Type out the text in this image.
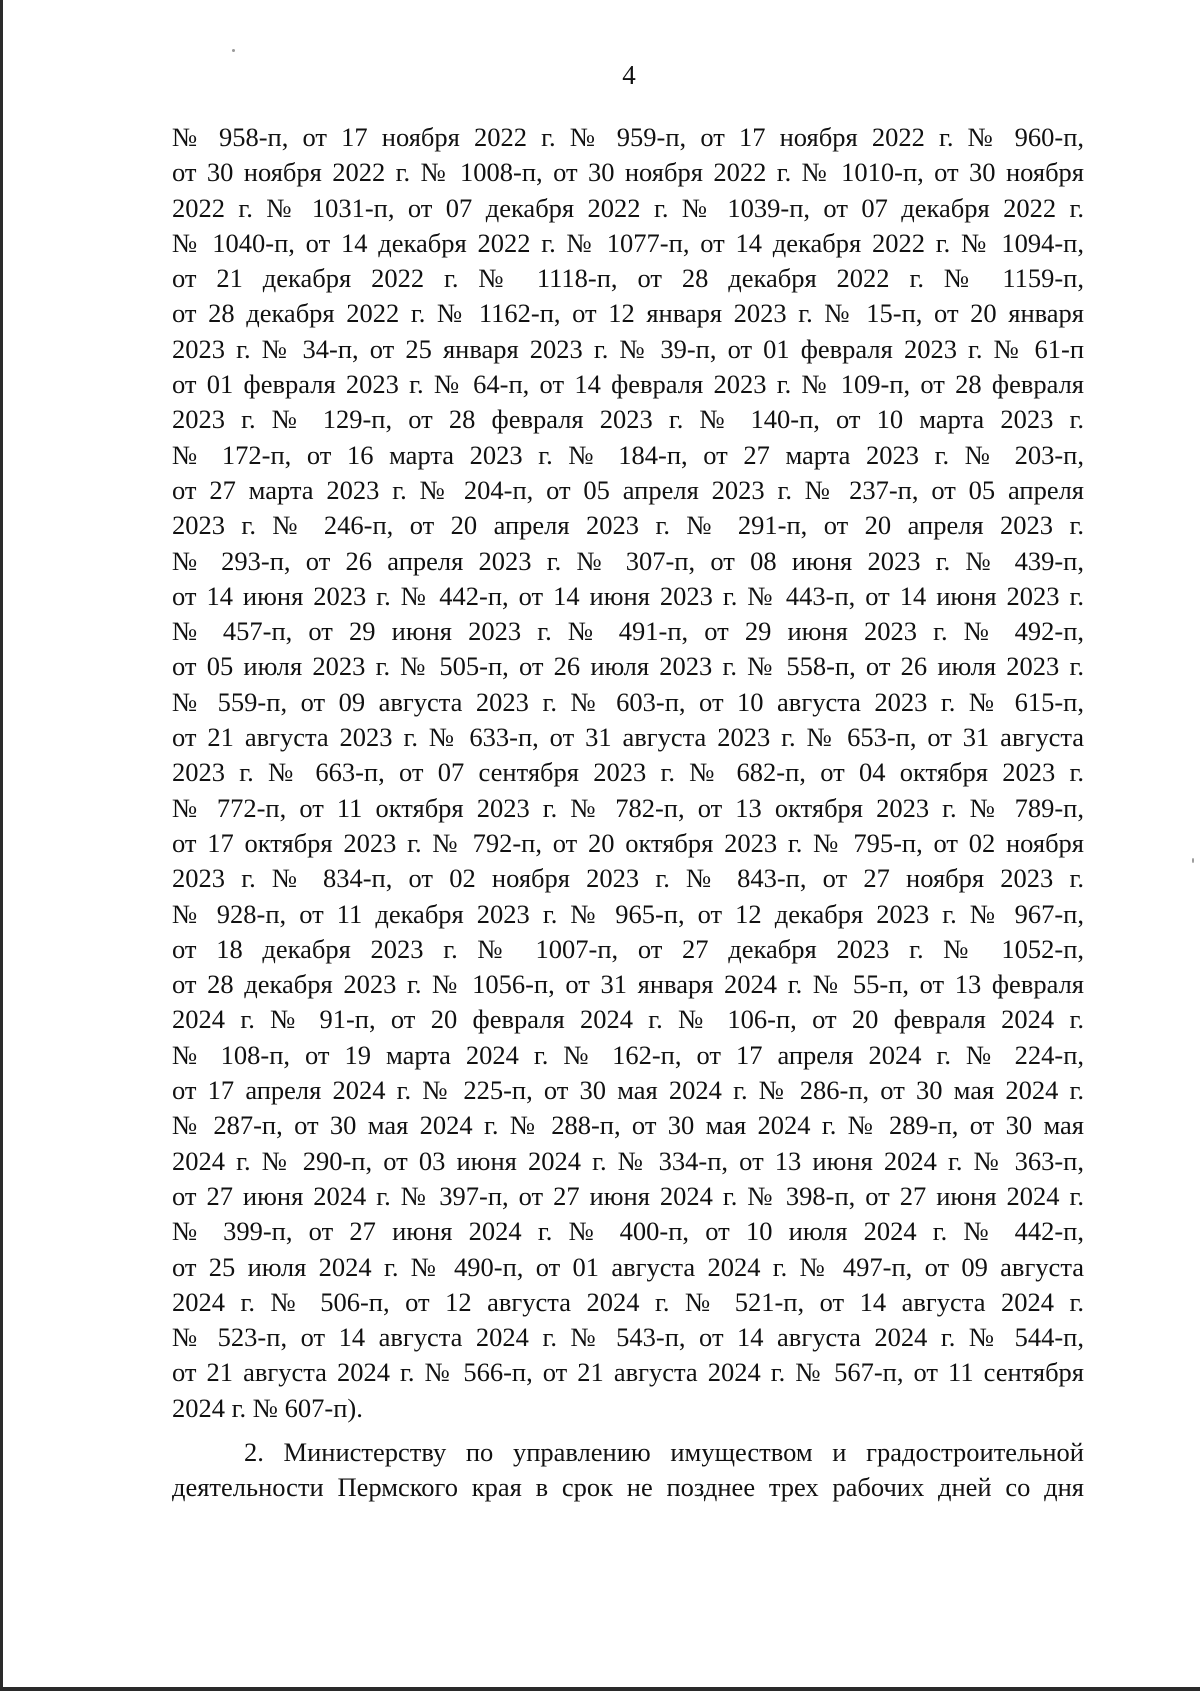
4
№ 958-п, от 17 ноября 2022 г. № 959-п, от 17 ноября 2022 г. № 960-п,
от 30 ноября 2022 г. № 1008-п, от 30 ноября 2022 г. № 1010-п, от 30 ноября
2022 г. № 1031-п, от 07 декабря 2022 г. № 1039-п, от 07 декабря 2022 г.
№ 1040-п, от 14 декабря 2022 г. № 1077-п, от 14 декабря 2022 г. № 1094-п,
от 21 декабря 2022 г. № 1118-п, от 28 декабря 2022 г. № 1159-п,
от 28 декабря 2022 г. № 1162-п, от 12 января 2023 г. № 15-п, от 20 января
2023 г. № 34-п, от 25 января 2023 г. № 39-п, от 01 февраля 2023 г. № 61-п
от 01 февраля 2023 г. № 64-п, от 14 февраля 2023 г. № 109-п, от 28 февраля
2023 г. № 129-п, от 28 февраля 2023 г. № 140-п, от 10 марта 2023 г.
№ 172-п, от 16 марта 2023 г. № 184-п, от 27 марта 2023 г. № 203-п,
от 27 марта 2023 г. № 204-п, от 05 апреля 2023 г. № 237-п, от 05 апреля
2023 г. № 246-п, от 20 апреля 2023 г. № 291-п, от 20 апреля 2023 г.
№ 293-п, от 26 апреля 2023 г. № 307-п, от 08 июня 2023 г. № 439-п,
от 14 июня 2023 г. № 442-п, от 14 июня 2023 г. № 443-п, от 14 июня 2023 г.
№ 457-п, от 29 июня 2023 г. № 491-п, от 29 июня 2023 г. № 492-п,
от 05 июля 2023 г. № 505-п, от 26 июля 2023 г. № 558-п, от 26 июля 2023 г.
№ 559-п, от 09 августа 2023 г. № 603-п, от 10 августа 2023 г. № 615-п,
от 21 августа 2023 г. № 633-п, от 31 августа 2023 г. № 653-п, от 31 августа
2023 г. № 663-п, от 07 сентября 2023 г. № 682-п, от 04 октября 2023 г.
№ 772-п, от 11 октября 2023 г. № 782-п, от 13 октября 2023 г. № 789-п,
от 17 октября 2023 г. № 792-п, от 20 октября 2023 г. № 795-п, от 02 ноября
2023 г. № 834-п, от 02 ноября 2023 г. № 843-п, от 27 ноября 2023 г.
№ 928-п, от 11 декабря 2023 г. № 965-п, от 12 декабря 2023 г. № 967-п,
от 18 декабря 2023 г. № 1007-п, от 27 декабря 2023 г. № 1052-п,
от 28 декабря 2023 г. № 1056-п, от 31 января 2024 г. № 55-п, от 13 февраля
2024 г. № 91-п, от 20 февраля 2024 г. № 106-п, от 20 февраля 2024 г.
№ 108-п, от 19 марта 2024 г. № 162-п, от 17 апреля 2024 г. № 224-п,
от 17 апреля 2024 г. № 225-п, от 30 мая 2024 г. № 286-п, от 30 мая 2024 г.
№ 287-п, от 30 мая 2024 г. № 288-п, от 30 мая 2024 г. № 289-п, от 30 мая
2024 г. № 290-п, от 03 июня 2024 г. № 334-п, от 13 июня 2024 г. № 363-п,
от 27 июня 2024 г. № 397-п, от 27 июня 2024 г. № 398-п, от 27 июня 2024 г.
№ 399-п, от 27 июня 2024 г. № 400-п, от 10 июля 2024 г. № 442-п,
от 25 июля 2024 г. № 490-п, от 01 августа 2024 г. № 497-п, от 09 августа
2024 г. № 506-п, от 12 августа 2024 г. № 521-п, от 14 августа 2024 г.
№ 523-п, от 14 августа 2024 г. № 543-п, от 14 августа 2024 г. № 544-п,
от 21 августа 2024 г. № 566-п, от 21 августа 2024 г. № 567-п, от 11 сентября
2024 г. № 607-п).
2. Министерству по управлению имуществом и градостроительной
деятельности Пермского края в срок не позднее трех рабочих дней со дня
